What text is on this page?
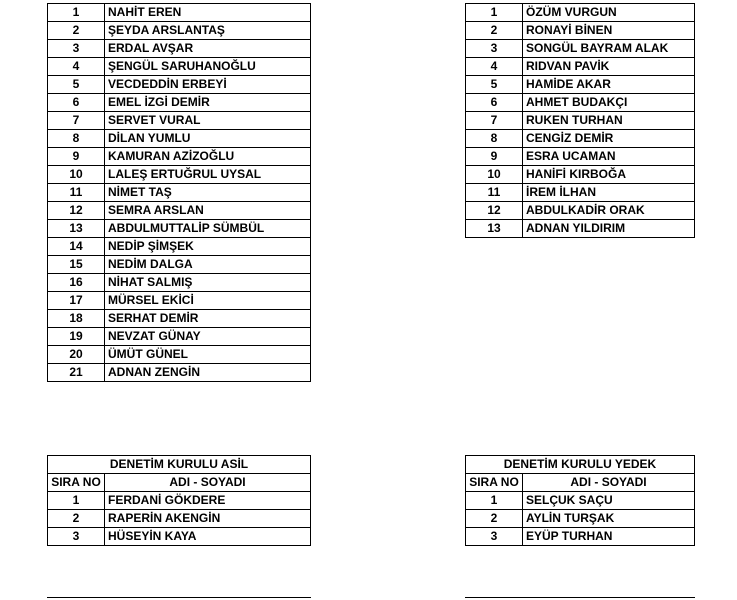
1	NAHİT EREN
2	ŞEYDA ARSLANTAŞ
3	ERDAL AVŞAR
4	ŞENGÜL SARUHANOĞLU
5	VECDEDDİN ERBEYİ
6	EMEL İZGİ DEMİR
7	SERVET VURAL
8	DİLAN YUMLU
9	KAMURAN AZİZOĞLU
10	LALEŞ ERTUĞRUL UYSAL
11	NİMET TAŞ
12	SEMRA ARSLAN
13	ABDULMUTTALİP SÜMBÜL
14	NEDİP ŞİMŞEK
15	NEDİM DALGA
16	NİHAT SALMIŞ
17	MÜRSEL EKİCİ
18	SERHAT DEMİR
19	NEVZAT GÜNAY
20	ÜMÜT GÜNEL
21	ADNAN ZENGİN
1	ÖZÜM VURGUN
2	RONAYİ BİNEN
3	SONGÜL BAYRAM ALAK
4	RIDVAN PAVİK
5	HAMİDE AKAR
6	AHMET BUDAKÇI
7	RUKEN TURHAN
8	CENGİZ DEMİR
9	ESRA UCAMAN
10	HANİFİ KIRBOĞA
11	İREM İLHAN
12	ABDULKADİR ORAK
13	ADNAN YILDIRIM
DENETİM KURULU ASİL	
SIRA NO	ADI - SOYADI
1	FERDANİ GÖKDERE
2	RAPERİN AKENGİN
3	HÜSEYİN KAYA
DENETİM KURULU YEDEK	
SIRA NO	ADI - SOYADI
1	SELÇUK SAÇU
2	AYLİN TURŞAK
3	EYÜP TURHAN
